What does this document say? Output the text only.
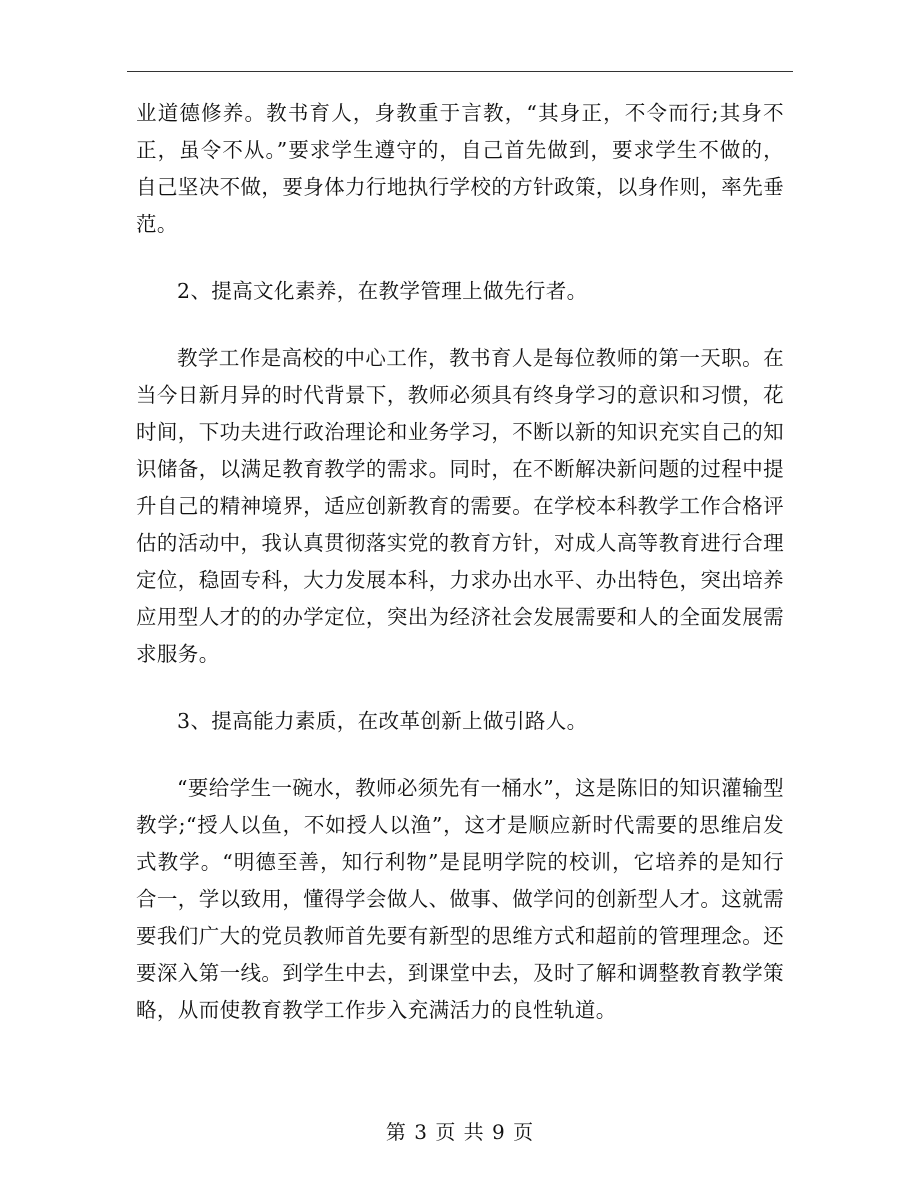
业道德修养。教书育人，身教重于言教，“其身正，不令而行;其身不正，虽令不从。”要求学生遵守的，自己首先做到，要求学生不做的，自己坚决不做，要身体力行地执行学校的方针政策，以身作则，率先垂范。

2、提高文化素养，在教学管理上做先行者。

教学工作是高校的中心工作，教书育人是每位教师的第一天职。在当今日新月异的时代背景下，教师必须具有终身学习的意识和习惯，花时间，下功夫进行政治理论和业务学习，不断以新的知识充实自己的知识储备，以满足教育教学的需求。同时，在不断解决新问题的过程中提升自己的精神境界，适应创新教育的需要。在学校本科教学工作合格评估的活动中，我认真贯彻落实党的教育方针，对成人高等教育进行合理定位，稳固专科，大力发展本科，力求办出水平、办出特色，突出培养应用型人才的的办学定位，突出为经济社会发展需要和人的全面发展需求服务。

3、提高能力素质，在改革创新上做引路人。

“要给学生一碗水，教师必须先有一桶水”，这是陈旧的知识灌输型教学;“授人以鱼，不如授人以渔”，这才是顺应新时代需要的思维启发式教学。“明德至善，知行利物”是昆明学院的校训，它培养的是知行合一，学以致用，懂得学会做人、做事、做学问的创新型人才。这就需要我们广大的党员教师首先要有新型的思维方式和超前的管理理念。还要深入第一线。到学生中去，到课堂中去，及时了解和调整教育教学策略，从而使教育教学工作步入充满活力的良性轨道。

第 3 页 共 9 页
